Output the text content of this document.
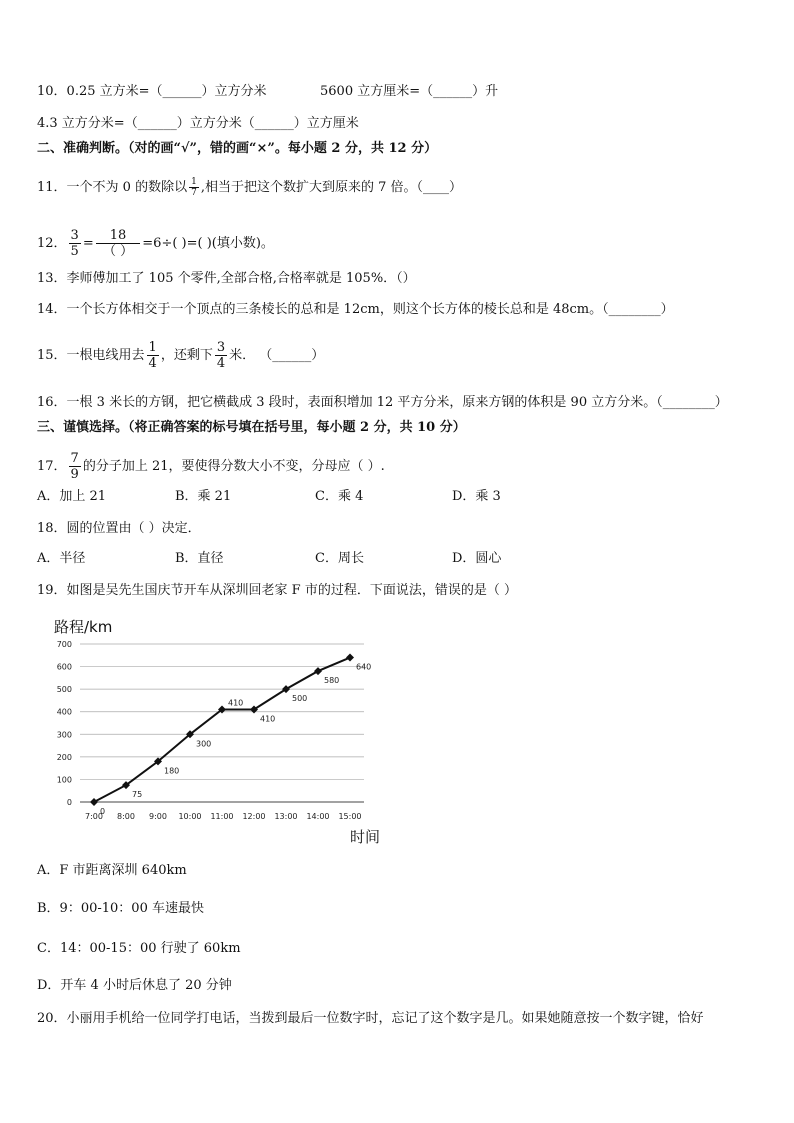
10．0.25 立方米=（______）立方分米	5600 立方厘米=（______）升
4.3 立方分米=（______）立方分米（______）立方厘米
二、准确判断。（对的画“√”，错的画“×”。每小题 2 分，共 12 分）
11．一个不为 0 的数除以 $\frac{1}{7}$ ,相当于把这个数扩大到原来的 7 倍。（____）
12． $\frac{3}{5} = \frac{18}{( )} =6\div$( )=( )(填小数)。
13．李师傅加工了 105 个零件,全部合格,合格率就是 105%．（）
14．一个长方体相交于一个顶点的三条棱长的总和是 12cm，则这个长方体的棱长总和是 48cm。（________）
15．一根电线用去 $\frac{1}{4}$ ，还剩下 $\frac{3}{4}$ 米． （______）
16．一根 3 米长的方钢，把它横截成 3 段时，表面积增加 12 平方分米，原来方钢的体积是 90 立方分米。（________）
三、谨慎选择。（将正确答案的标号填在括号里，每小题 2 分，共 10 分）
17． $\frac{7}{9}$ 的分子加上 21，要使得分数大小不变，分母应（ ）.
A．加上 21	B．乘 21	C．乘 4	D．乘 3
18．圆的位置由（ ）决定．
A．半径	B．直径	C．周长	D．圆心
19．如图是吴先生国庆节开车从深圳回老家 F 市的过程．下面说法，错误的是（ ）
路程/km
时间
0
100
200
300
400
500
600
700
7:00 8:00 9:00 10:00 11:00 12:00 13:00 14:00 15:00
0
75
180
300
410
410
500
580
640
A．F 市距离深圳 640km
B．9：00-10：00 车速最快
C．14：00-15：00 行驶了 60km
D．开车 4 小时后休息了 20 分钟
20．小丽用手机给一位同学打电话，当拨到最后一位数字时，忘记了这个数字是几。如果她随意按一个数字键，恰好
